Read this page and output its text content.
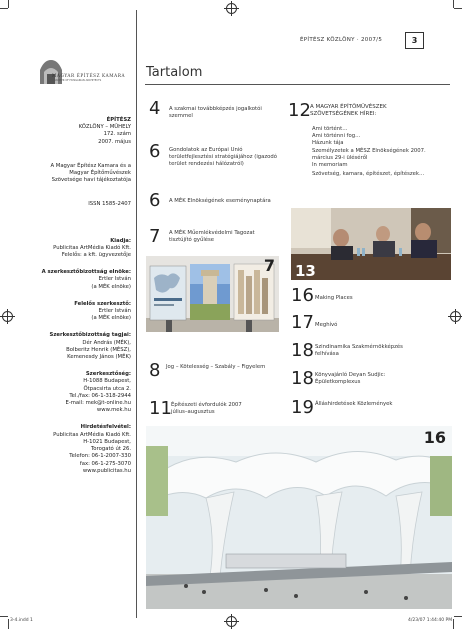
ÉPÍTÉSZ KÖZLÖNY · 2007/5	3
Tartalom
MAGYAR ÉPÍTÉSZ KAMARA
CHAMBER OF HUNGARIAN ARCHITECTS
ÉPÍTÉSZ
KÖZLÖNY – MŰHELY
172. szám
2007. május
A Magyar Építész Kamara és a
Magyar Építőművészek
Szövetsége havi tájékoztatója
ISSN 1585-2407
Kiadja:
Publicitas ArtMédia Kiadó Kft.
Felelős: a kft. ügyvezetője
A szerkesztőbizottság elnöke:
Ertler István
(a MÉK elnöke)
Felelős szerkesztő:
Ertler István
(a MÉK elnöke)
Szerkesztőbizottság tagjai:
Dér András (MÉK),
Bolberitz Henrik (MÉSZ),
Kemenesdy János (MÉK)
Szerkesztőség:
H-1088 Budapest,
Ötpacsirta utca 2.
Tel./fax: 06-1-318-2944
E-mail: mek@t-online.hu
www.mek.hu
Hirdetésfelvétel:
Publicitas ArtMédia Kiadó Kft.
H-1021 Budapest,
Torogató út 26.
Telefon: 06-1-2007-330
fax: 06-1-275-3070
www.publicitas.hu
4 A szakmai továbbképzés jogalkotói szemmel
6 Gondolatok az Európai Unió területfejlesztési stratégiájához (igazodó terület rendezési hálózatról)
6 A MÉK Elnökségének eseménynaptára
7 A MÉK Műemlékvédelmi Tagozat tisztújító gyűlése
8 Jog – Kötelesség – Szabály – Figyelem
11 Építészeti évfordulók 2007 július–augusztus
12 A MAGYAR ÉPÍTŐMŰVÉSZEK SZÖVETSÉGÉNEK HÍREI:
Ami történt…
Ami történni fog…
Házunk tája
Személyzetek a MÉSZ Elnökségének 2007. március 29-i üléséről
In memoriam
Szövetség, kamara, építészet, építészek…
16 Making Places
17 Meghívó
18 Szindinamika Szakmérnökképzés felhívása
18 Könyvajánló Deyan Sudjic: Épületkomplexus
19 Álláshirdetések Közlemények
7 13
16
3-4.indd 1	4/23/07 1:44:40 PM
